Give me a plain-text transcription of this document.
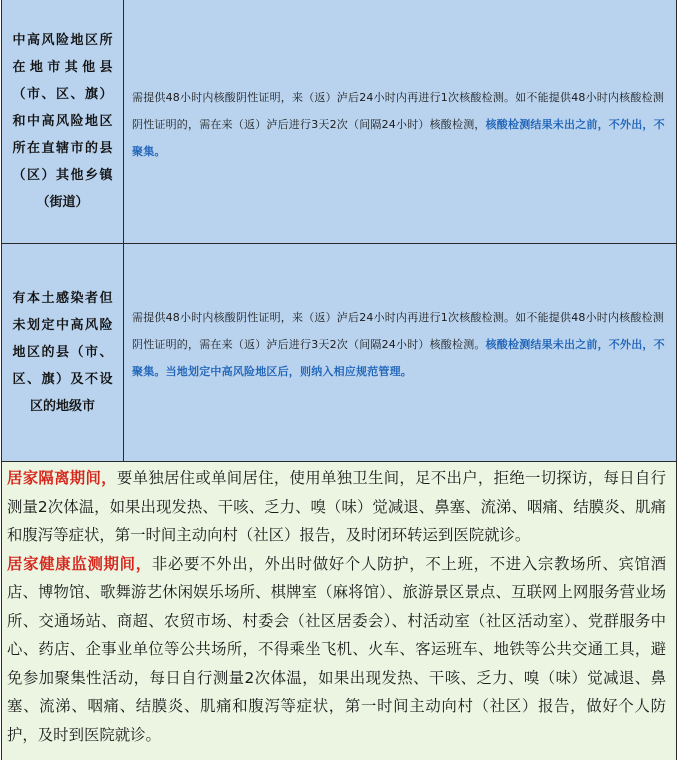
中高风险地区所在地市其他县（市、区、旗） 和中高风险地区所在直辖市的县（区）其他乡镇（街道）

需提供48小时内核酸阴性证明，来（返）泸后24小时内再进行1次核酸检测。如不能提供48小时内核酸检测阴性证明的，需在来（返）泸后进行3天2次（间隔24小时）核酸检测，核酸检测结果未出之前，不外出，不聚集。

有本土感染者但未划定中高风险地区的县（市、区、旗）及不设区的地级市

需提供48小时内核酸阴性证明，来（返）泸后24小时内再进行1次核酸检测。如不能提供48小时内核酸检测阴性证明的，需在来（返）泸后进行3天2次（间隔24小时）核酸检测。核酸检测结果未出之前，不外出，不聚集。当地划定中高风险地区后，则纳入相应规范管理。

居家隔离期间，要单独居住或单间居住，使用单独卫生间，足不出户，拒绝一切探访，每日自行测量2次体温，如果出现发热、干咳、乏力、嗅（味）觉减退、鼻塞、流涕、咽痛、结膜炎、肌痛和腹泻等症状，第一时间主动向村（社区）报告，及时闭环转运到医院就诊。

居家健康监测期间，非必要不外出，外出时做好个人防护，不上班，不进入宗教场所、宾馆酒店、博物馆、歌舞游艺休闲娱乐场所、棋牌室（麻将馆）、旅游景区景点、互联网上网服务营业场所、交通场站、商超、农贸市场、村委会（社区居委会）、村活动室（社区活动室）、党群服务中心、药店、企事业单位等公共场所，不得乘坐飞机、火车、客运班车、地铁等公共交通工具，避免参加聚集性活动，每日自行测量2次体温，如果出现发热、干咳、乏力、嗅（味）觉减退、鼻塞、流涕、咽痛、结膜炎、肌痛和腹泻等症状，第一时间主动向村（社区）报告，做好个人防护，及时到医院就诊。
